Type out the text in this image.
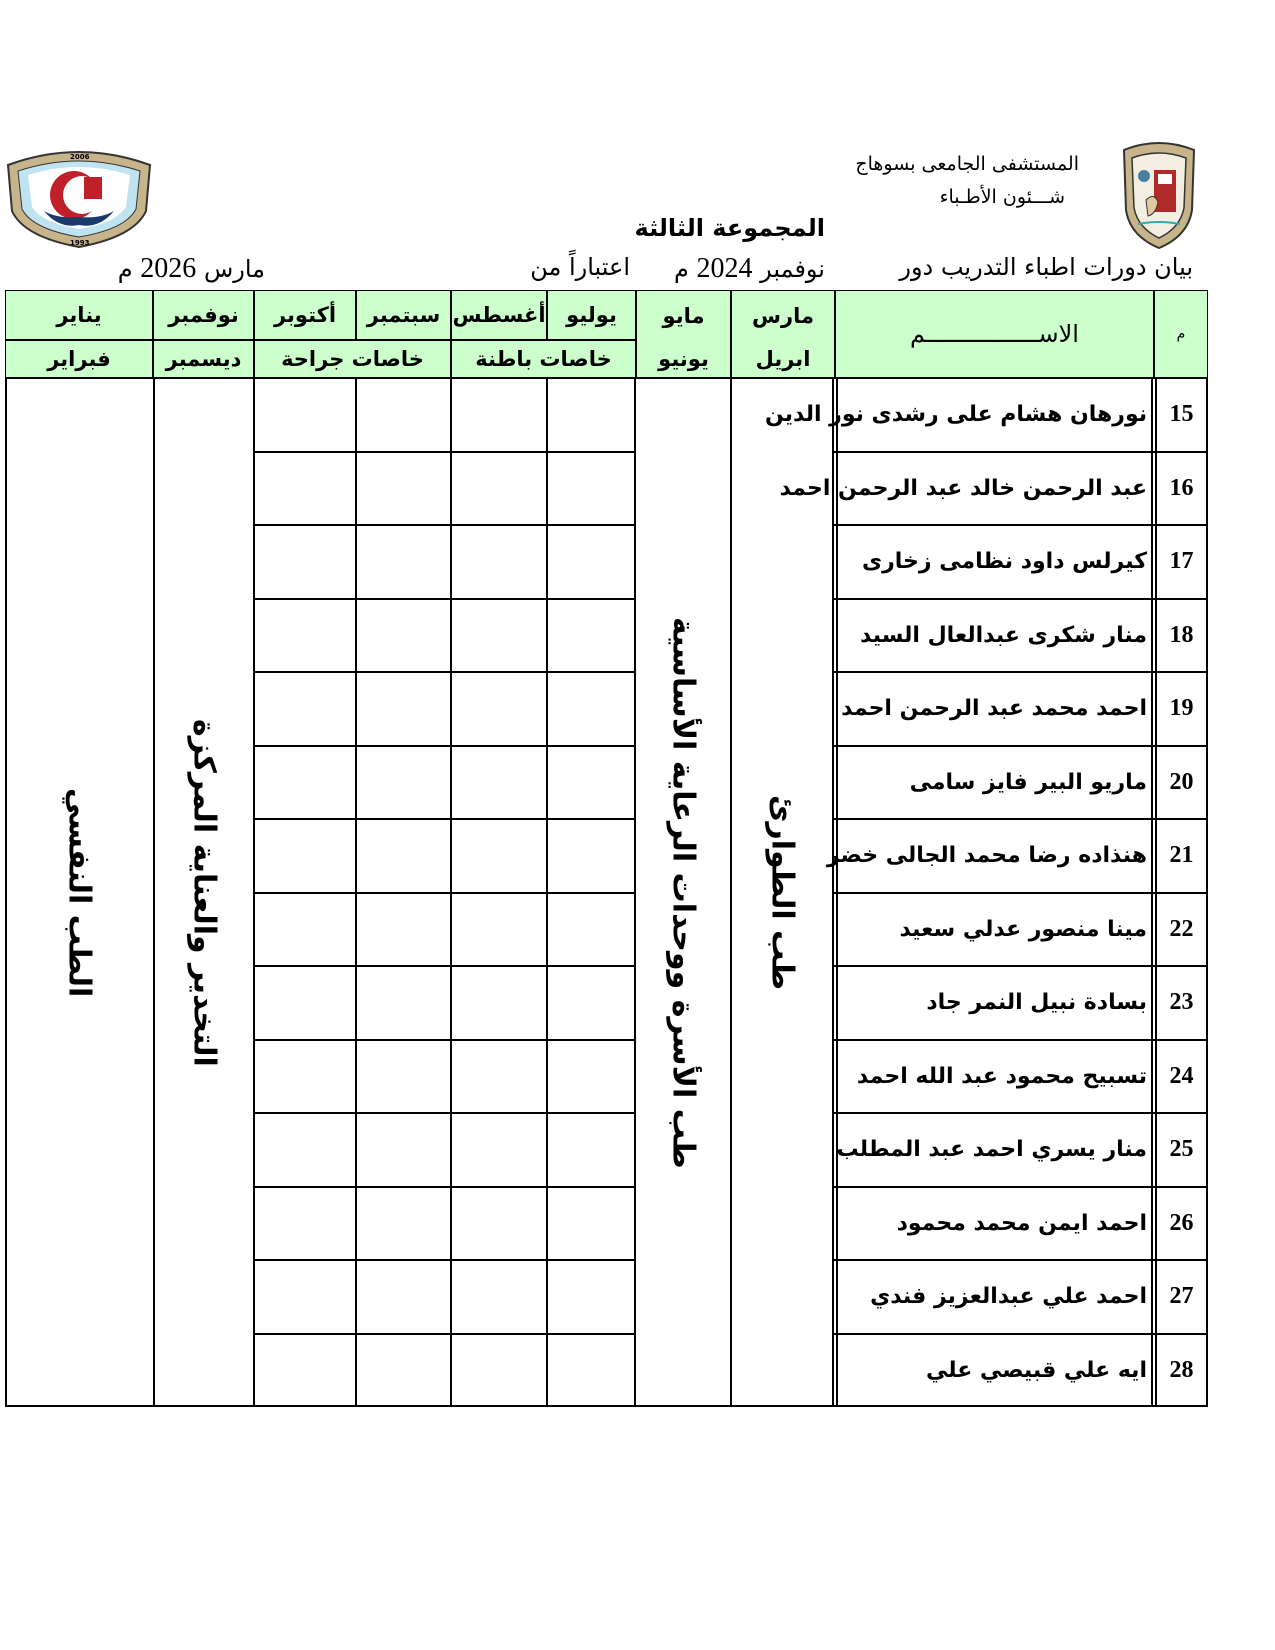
2006
1993
المستشفى الجامعى بسوهاج
شـــئون الأطـباء
المجموعة الثالثة
بيان دورات اطباء التدريب دور
نوفمبر 2024 م
اعتباراً من
مارس 2026 م
م
الاســــــــــــــــم
مارس
ابريل
مايو
يونيو
يوليو
أغسطس
سبتمبر
أكتوبر
خاصات باطنة
خاصات جراحة
نوفمبر
ديسمبر
يناير
فبراير
الطب النفسي	التخدير والعناية المركزة	طب الأسرة ووحدات الرعاية الأساسية طب الطوارئ
نورهان هشام على رشدى نور الدين 15
عبد الرحمن خالد عبد الرحمن احمد 16
كيرلس داود نظامى زخارى 17
منار شكرى عبدالعال السيد 18
احمد محمد عبد الرحمن احمد 19
ماريو البير فايز سامى 20
هنذاده رضا محمد الجالى خضر 21
مينا منصور عدلي سعيد 22
بسادة نبيل النمر جاد 23
تسبيح محمود عبد الله احمد 24
منار يسري احمد عبد المطلب 25
احمد ايمن محمد محمود 26
احمد علي عبدالعزيز فندي 27
ايه علي قبيصي علي 28
